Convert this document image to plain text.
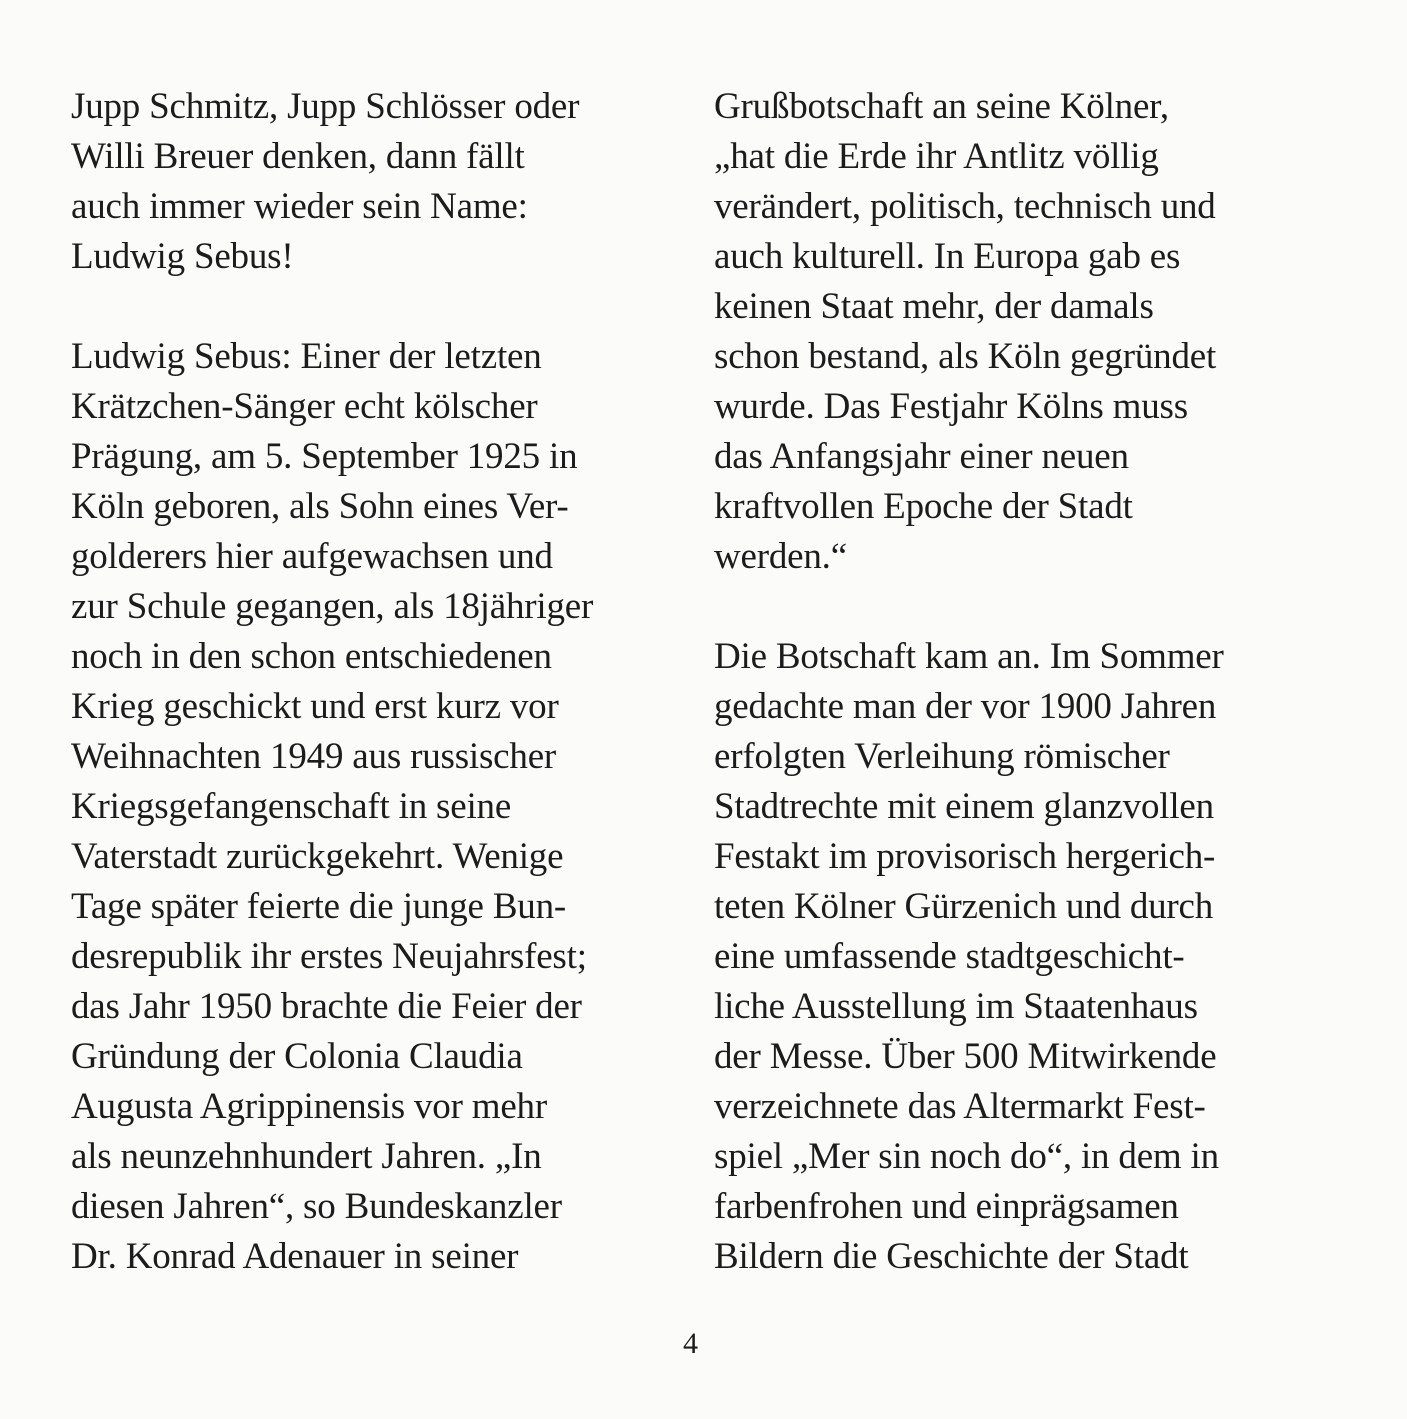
Jupp Schmitz, Jupp Schlösser oder
Willi Breuer denken, dann fällt
auch immer wieder sein Name:
Ludwig Sebus!
Ludwig Sebus: Einer der letzten
Krätzchen-Sänger echt kölscher
Prägung, am 5. September 1925 in
Köln geboren, als Sohn eines Ver-
golderers hier aufgewachsen und
zur Schule gegangen, als 18jähriger
noch in den schon entschiedenen
Krieg geschickt und erst kurz vor
Weihnachten 1949 aus russischer
Kriegsgefangenschaft in seine
Vaterstadt zurückgekehrt. Wenige
Tage später feierte die junge Bun-
desrepublik ihr erstes Neujahrsfest;
das Jahr 1950 brachte die Feier der
Gründung der Colonia Claudia
Augusta Agrippinensis vor mehr
als neunzehnhundert Jahren. „In
diesen Jahren“, so Bundeskanzler
Dr. Konrad Adenauer in seiner
Grußbotschaft an seine Kölner,
„hat die Erde ihr Antlitz völlig
verändert, politisch, technisch und
auch kulturell. In Europa gab es
keinen Staat mehr, der damals
schon bestand, als Köln gegründet
wurde. Das Festjahr Kölns muss
das Anfangsjahr einer neuen
kraftvollen Epoche der Stadt
werden.“
Die Botschaft kam an. Im Sommer
gedachte man der vor 1900 Jahren
erfolgten Verleihung römischer
Stadtrechte mit einem glanzvollen
Festakt im provisorisch hergerich-
teten Kölner Gürzenich und durch
eine umfassende stadtgeschicht-
liche Ausstellung im Staatenhaus
der Messe. Über 500 Mitwirkende
verzeichnete das Altermarkt Fest-
spiel „Mer sin noch do“, in dem in
farbenfrohen und einprägsamen
Bildern die Geschichte der Stadt
4
